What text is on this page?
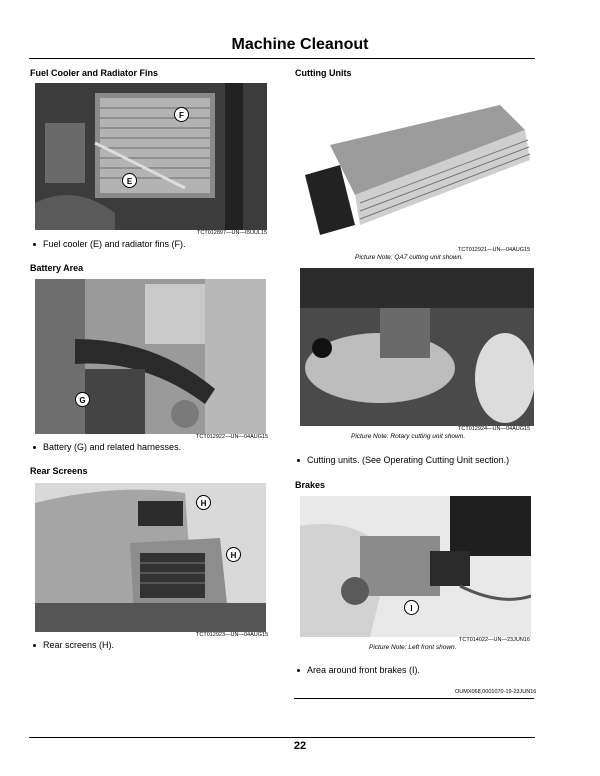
Machine Cleanout
Fuel Cooler and Radiator Fins
F
E
TCT012897—UN—09JUL15
Fuel cooler (E) and radiator fins (F).
Battery Area
G
TCT012922—UN—04AUG15
Battery (G) and related harnesses.
Rear Screens
H
H
TCT012923—UN—04AUG15
Rear screens (H).
Cutting Units
TCT012921—UN—04AUG15
Picture Note: QA7 cutting unit shown.
TCT012924—UN—04AUG15
Picture Note: Rotary cutting unit shown.
Cutting units. (See Operating Cutting Unit section.)
Brakes
I
TCT014022—UN—23JUN16
Picture Note: Left front shown.
Area around front brakes (I).
OUMX068,0001070-19-23JUN16
22
